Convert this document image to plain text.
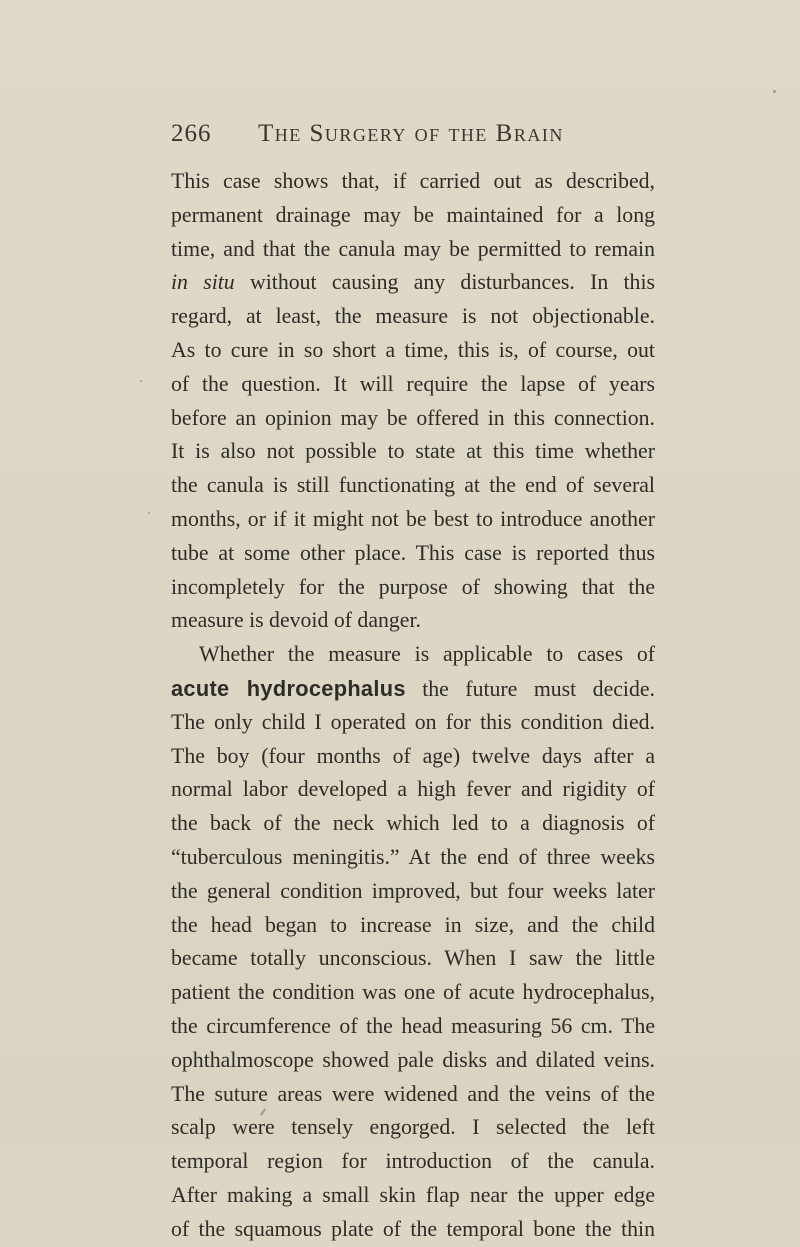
266 The Surgery of the Brain
This case shows that, if carried out as described,
permanent drainage may be maintained for a long
time, and that the canula may be permitted to remain
in situ without causing any disturbances. In this
regard, at least, the measure is not objectionable.
As to cure in so short a time, this is, of course, out
of the question. It will require the lapse of years
before an opinion may be offered in this connection.
It is also not possible to state at this time whether
the canula is still functionating at the end of several
months, or if it might not be best to introduce another
tube at some other place. This case is reported thus
incompletely for the purpose of showing that the
measure is devoid of danger.
Whether the measure is applicable to cases of
acute hydrocephalus the future must decide.
The only child I operated on for this condition died.
The boy (four months of age) twelve days after a
normal labor developed a high fever and rigidity of
the back of the neck which led to a diagnosis of
“tuberculous meningitis.” At the end of three weeks
the general condition improved, but four weeks later
the head began to increase in size, and the child
became totally unconscious. When I saw the little
patient the condition was one of acute hydrocephalus,
the circumference of the head measuring 56 cm. The
ophthalmoscope showed pale disks and dilated veins.
The suture areas were widened and the veins of the
scalp were tensely engorged. I selected the left
temporal region for introduction of the canula.
After making a small skin flap near the upper edge
of the squamous plate of the temporal bone the thin
